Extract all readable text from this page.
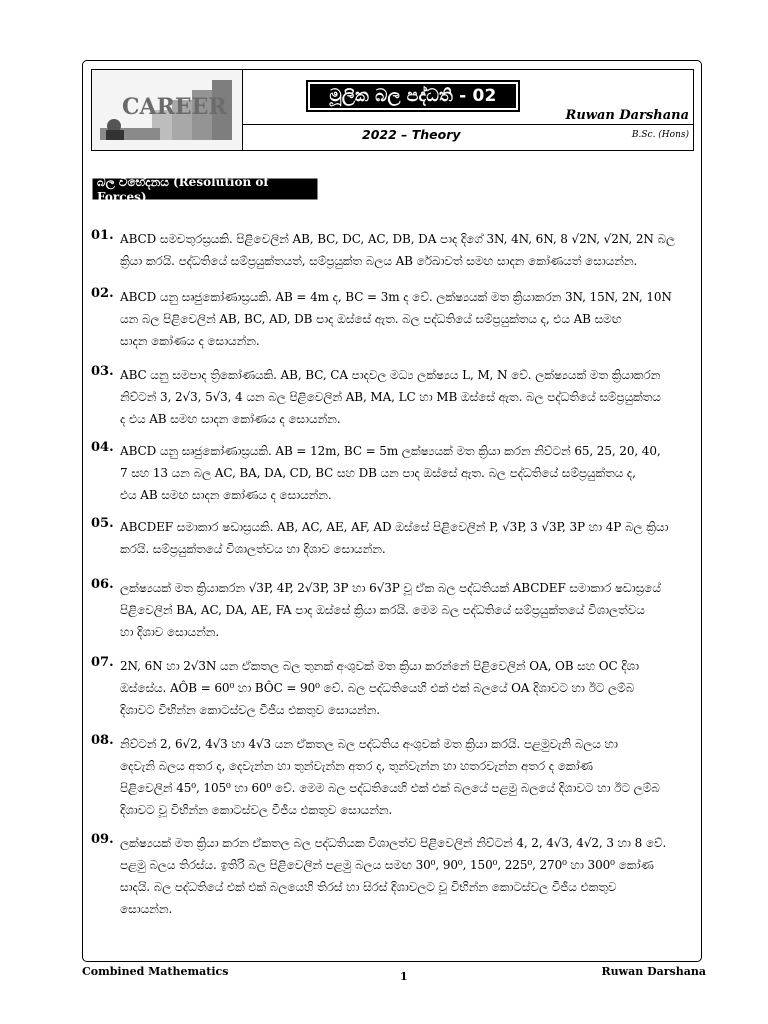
CAREER	මූලික බල පද්ධති - 02
Ruwan Darshana
2022 – Theory	B.Sc. (Hons)
බල විභේදනය (Resolution of Forces)
01. ABCD සමචතුරස්‍රයකි. පිළිවෙලින් AB, BC, DC, AC, DB, DA පාද දිගේ 3N, 4N, 6N, 8 √2N, √2N, 2N බල
ක්‍රියා කරයි. පද්ධතියේ සම්ප්‍රයුක්තයත්, සම්ප්‍රයුක්ත බලය AB රේඛාවත් සමඟ සාදන කෝණයත් සොයන්න.
02. ABCD යනු සෘජුකෝණාස්‍රයකි. AB = 4m ද, BC = 3m ද වේ. ලක්ෂ්‍යයක් මත ක්‍රියාකරන 3N, 15N, 2N, 10N
යන බල පිළිවෙලින් AB, BC, AD, DB පාද ඔස්සේ ඇත. බල පද්ධතියේ සම්ප්‍රයුක්තය ද, එය AB සමඟ
සාදන කෝණය ද සොයන්න.
03. ABC යනු සමපාද ත්‍රිකෝණයකි. AB, BC, CA පාදවල මධ්‍ය ලක්ෂ්‍යය L, M, N වේ. ලක්ෂ්‍යයක් මත ක්‍රියාකරන
නිව්ටන් 3, 2√3, 5√3, 4 යන බල පිළිවෙලින් AB, MA, LC හා MB ඔස්සේ ඇත. බල පද්ධතියේ සම්ප්‍රයුක්තය
ද එය AB සමඟ සාදන කෝණය ද සොයන්න.
04. ABCD යනු සෘජුකෝණාස්‍රයකි. AB = 12m, BC = 5m ලක්ෂ්‍යයක් මත ක්‍රියා කරන නිව්ටන් 65, 25, 20, 40,
7 සහ 13 යන බල AC, BA, DA, CD, BC සහ DB යන පාද ඔස්සේ ඇත. බල පද්ධතියේ සම්ප්‍රයුක්තය ද,
එය AB සමඟ සාදන කෝණය ද සොයන්න.
05. ABCDEF සමාකාර ෂඩාස්‍රයකි. AB, AC, AE, AF, AD ඔස්සේ පිළිවෙලින් P, √3P, 3 √3P, 3P හා 4P බල ක්‍රියා
කරයි. සම්ප්‍රයුක්තයේ විශාලත්වය හා දිශාව සොයන්න.
06. ලක්ෂ්‍යයක් මත ක්‍රියාකරන √3P, 4P, 2√3P, 3P හා 6√3P වූ ඒක බල පද්ධතියක් ABCDEF සමාකාර ෂඩාස්‍රයේ
පිළිවෙලින් BA, AC, DA, AE, FA පාද ඔස්සේ ක්‍රියා කරයි. මෙම බල පද්ධතියේ සම්ප්‍රයුක්තයේ විශාලත්වය
හා දිශාව සොයන්න.
07. 2N, 6N හා 2√3N යන ඒකතල බල තුනක් අංශුවක් මත ක්‍රියා කරන්නේ පිළිවෙලින් OA, OB සහ OC දිශා
ඔස්සේය. AÔB = 60⁰ හා BÔC = 90⁰ වේ. බල පද්ධතියෙහි එක් එක් බලයේ OA දිශාවට හා ඊට ලම්බ
දිශාවට විභින්න කොටස්වල වීජීය එකතුව සොයන්න.
08. නිව්ටන් 2, 6√2, 4√3 හා 4√3 යන ඒකතල බල පද්ධතිය අංශුවක් මත ක්‍රියා කරයි. පළමුවැනි බලය හා
දෙවැනි බලය අතර ද, දෙවැන්න හා තුන්වැන්න අතර ද, තුන්වැන්න හා හතරවැන්න අතර ද කෝණ
පිළිවෙලින් 45⁰, 105⁰ හා 60⁰ වේ. මෙම බල පද්ධතියෙහි එක් එක් බලයේ පළමු බලයේ දිශාවට හා ඊට ලම්බ
දිශාවට වූ විභින්න කොටස්වල වීජීය එකතුව සොයන්න.
09. ලක්ෂ්‍යයක් මත ක්‍රියා කරන ඒකතල බල පද්ධතියක විශාලත්ව පිළිවෙලින් නිව්ටන් 4, 2, 4√3, 4√2, 3 හා 8 වේ.
පළමු බලය තිරස්ය. ඉතිරි බල පිළිවෙලින් පළමු බලය සමඟ 30⁰, 90⁰, 150⁰, 225⁰, 270⁰ හා 300⁰ කෝණ
සාදයි. බල පද්ධතියේ එක් එක් බලයෙහි තිරස් හා සිරස් දිශාවලට වූ විභින්න කොටස්වල වීජීය එකතුව
සොයන්න.
Combined Mathematics	1	Ruwan Darshana
